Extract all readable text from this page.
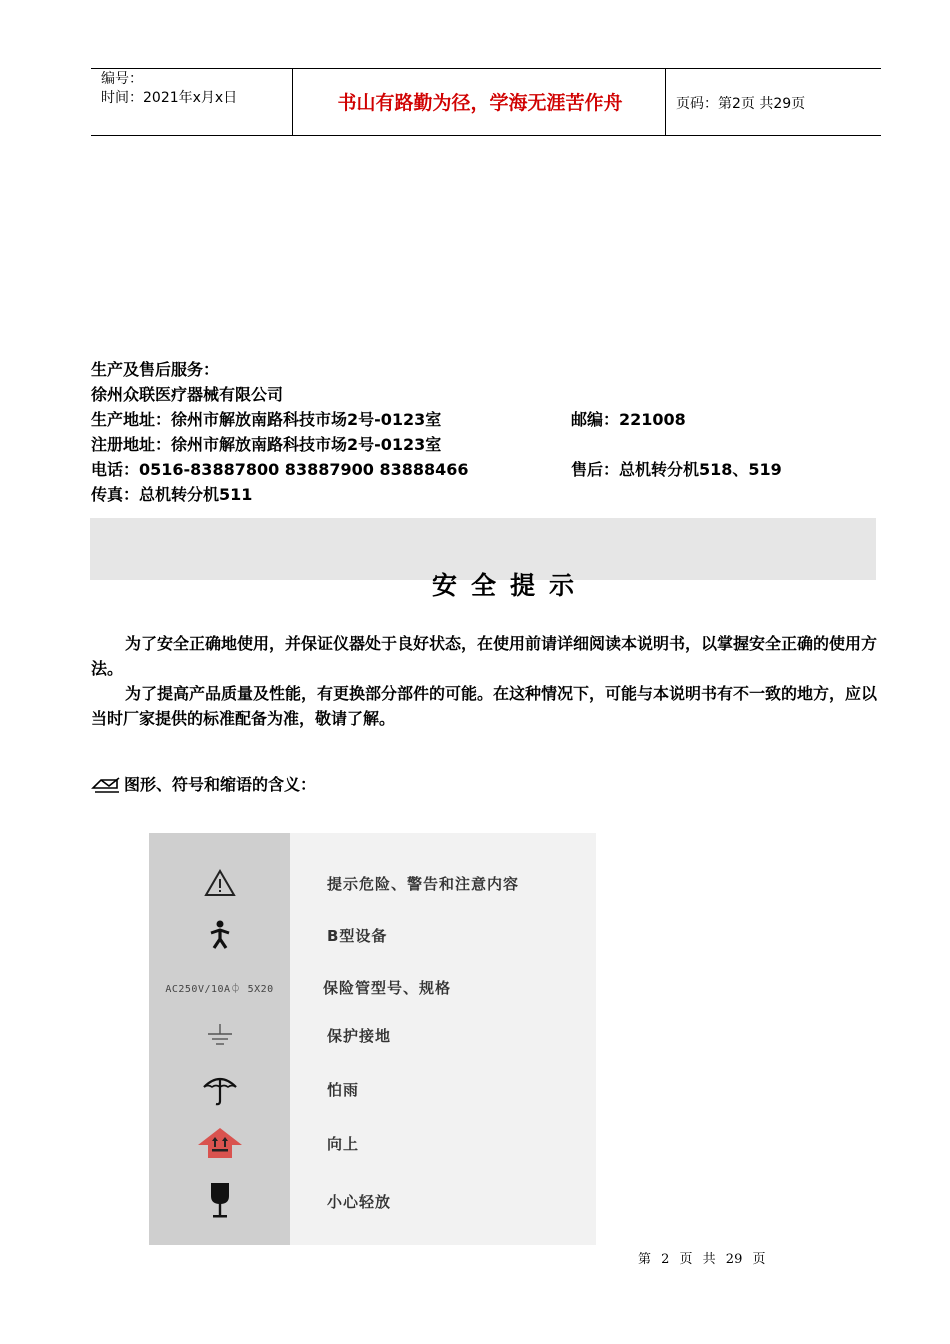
编号：
时间：2021年x月x日	书山有路勤为径，学海无涯苦作舟	页码：第2页 共29页
生产及售后服务：
徐州众联医疗器械有限公司
生产地址：徐州市解放南路科技市场2号-0123室	邮编：221008
注册地址：徐州市解放南路科技市场2号-0123室
电话：0516-83887800 83887900 83888466	售后：总机转分机518、519
传真：总机转分机511
安全提示
为了安全正确地使用，并保证仪器处于良好状态，在使用前请详细阅读本说明书，以掌握安全正确的使用方法。
为了提高产品质量及性能，有更换部分部件的可能。在这种情况下，可能与本说明书有不一致的地方，应以当时厂家提供的标准配备为准，敬请了解。
图形、符号和缩语的含义：
提示危险、警告和注意内容
B型设备
AC250V/10A⏀ 5X20	保险管型号、规格
保护接地
怕雨
向上
小心轻放
第 2 页 共 29 页
